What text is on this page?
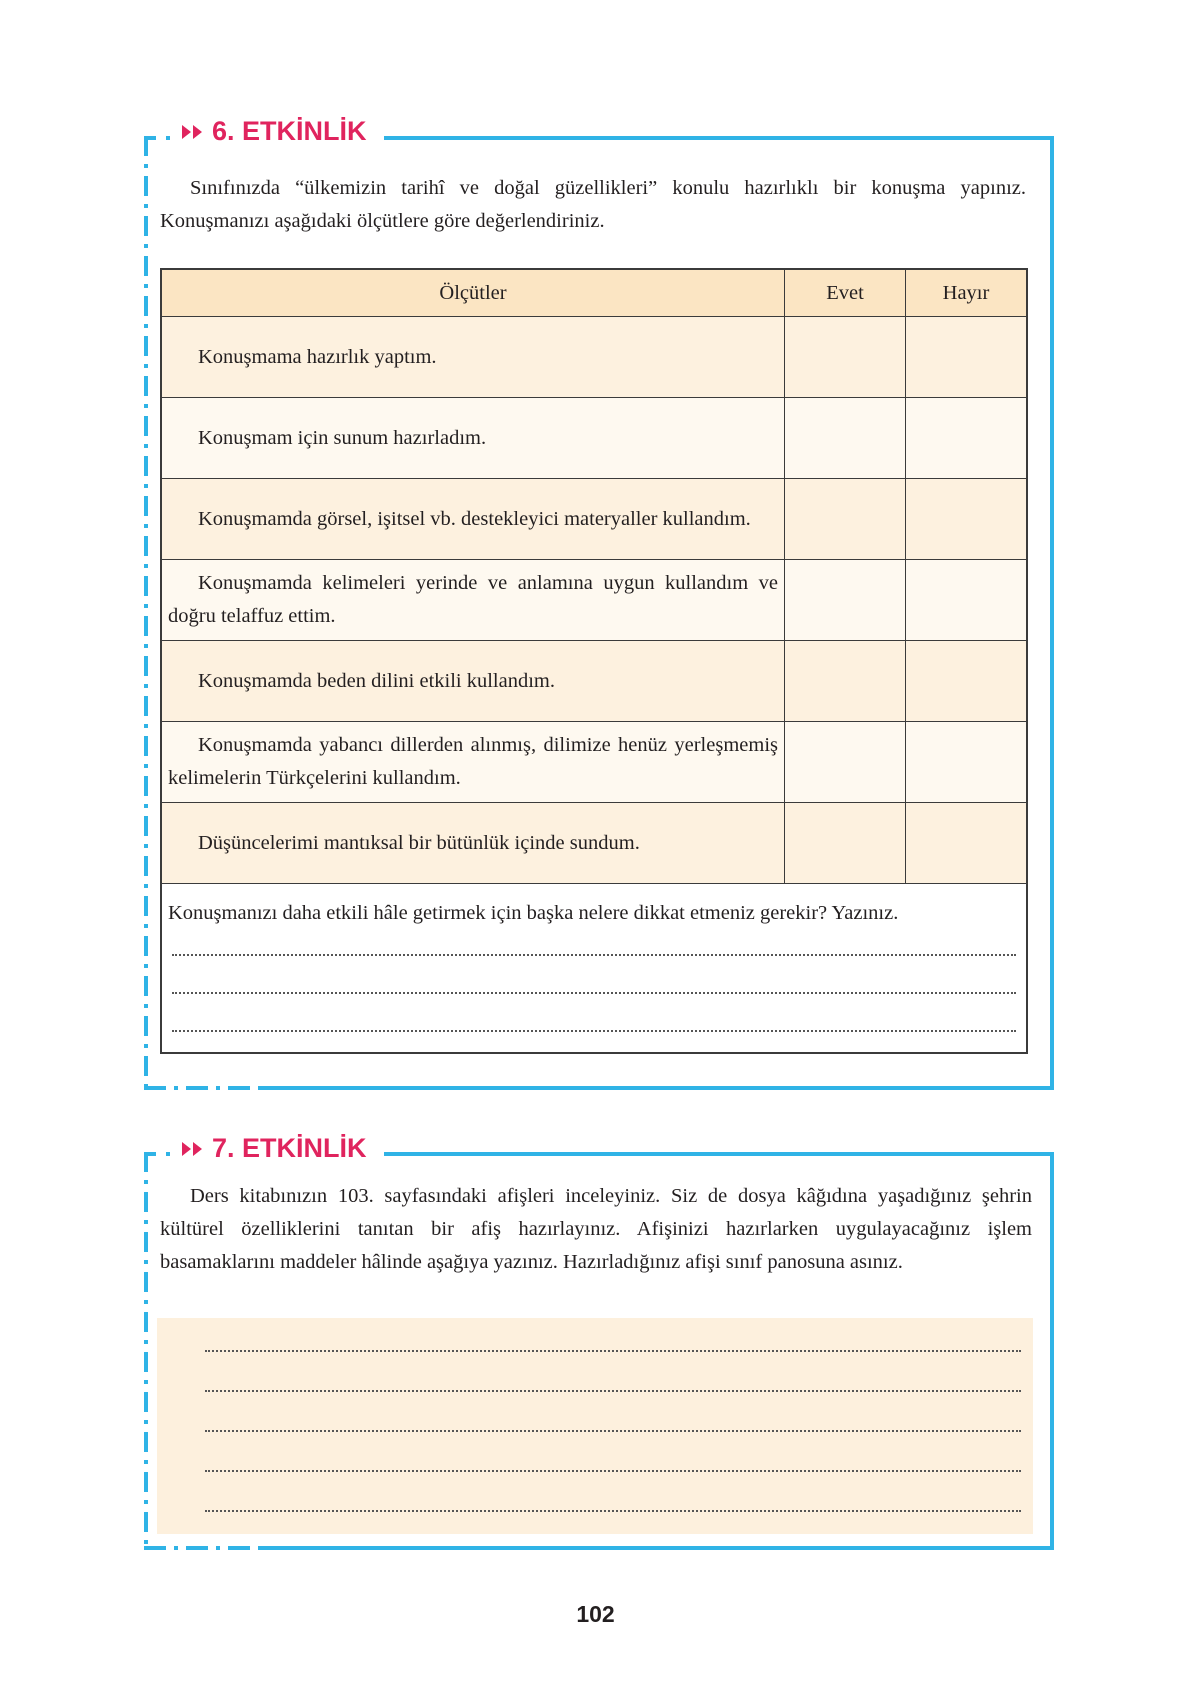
6. ETKİNLİK
Sınıfınızda “ülkemizin tarihî ve doğal güzellikleri” konulu hazırlıklı bir konuşma yapınız. Konuşmanızı aşağıdaki ölçütlere göre değerlendiriniz.
Ölçütler	Evet	Hayır
Konuşmama hazırlık yaptım.		
Konuşmam için sunum hazırladım.		
Konuşmamda görsel, işitsel vb. destekleyici materyaller kullandım.		
Konuşmamda kelimeleri yerinde ve anlamına uygun kullandım ve doğru telaffuz ettim.		
Konuşmamda beden dilini etkili kullandım.		
Konuşmamda yabancı dillerden alınmış, dilimize henüz yerleşmemiş kelimelerin Türkçelerini kullandım.		
Düşüncelerimi mantıksal bir bütünlük içinde sundum.		

Konuşmanızı daha etkili hâle getirmek için başka nelere dikkat etmeniz gerekir? Yazınız.		
7. ETKİNLİK
Ders kitabınızın 103. sayfasındaki afişleri inceleyiniz. Siz de dosya kâğıdına yaşadığınız şehrin kültürel özelliklerini tanıtan bir afiş hazırlayınız. Afişinizi hazırlarken uygulayacağınız işlem basamaklarını maddeler hâlinde aşağıya yazınız. Hazırladığınız afişi sınıf panosuna asınız.
102
